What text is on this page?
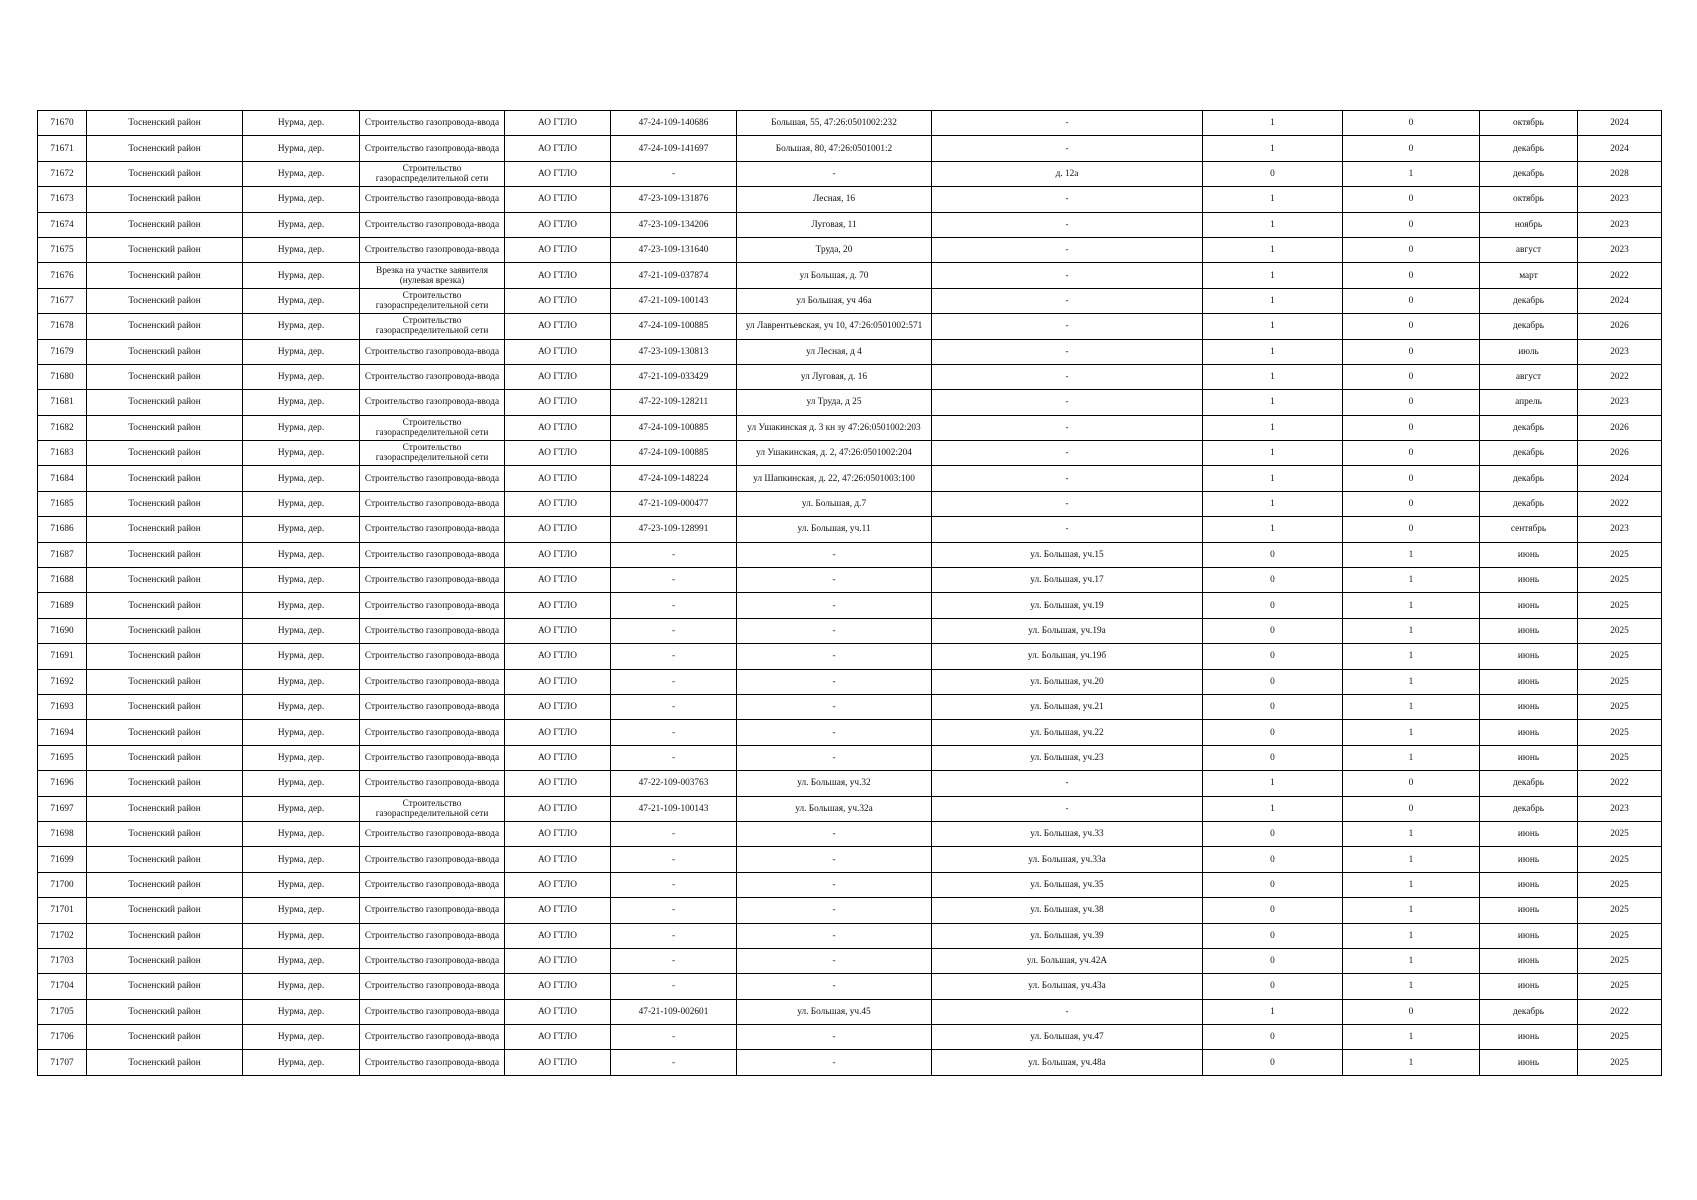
71670	Тосненский район	Нурма, дер.	Строительство газопровода-ввода	АО ГТЛО	47-24-109-140686	Большая, 55, 47:26:0501002:232	-	1	0	октябрь	2024
71671	Тосненский район	Нурма, дер.	Строительство газопровода-ввода	АО ГТЛО	47-24-109-141697	Большая, 80, 47:26:0501001:2	-	1	0	декабрь	2024
71672	Тосненский район	Нурма, дер.	Строительство газораспределительной сети	АО ГТЛО	-	-	д. 12а	0	1	декабрь	2028
71673	Тосненский район	Нурма, дер.	Строительство газопровода-ввода	АО ГТЛО	47-23-109-131876	Лесная, 16	-	1	0	октябрь	2023
71674	Тосненский район	Нурма, дер.	Строительство газопровода-ввода	АО ГТЛО	47-23-109-134206	Луговая, 11	-	1	0	ноябрь	2023
71675	Тосненский район	Нурма, дер.	Строительство газопровода-ввода	АО ГТЛО	47-23-109-131640	Труда, 20	-	1	0	август	2023
71676	Тосненский район	Нурма, дер.	Врезка на участке заявителя (нулевая врезка)	АО ГТЛО	47-21-109-037874	ул Большая, д. 70	-	1	0	март	2022
71677	Тосненский район	Нурма, дер.	Строительство газораспределительной сети	АО ГТЛО	47-21-109-100143	ул Большая, уч 46а	-	1	0	декабрь	2024
71678	Тосненский район	Нурма, дер.	Строительство газораспределительной сети	АО ГТЛО	47-24-109-100885	ул Лаврентьевская, уч 10, 47:26:0501002:571	-	1	0	декабрь	2026
71679	Тосненский район	Нурма, дер.	Строительство газопровода-ввода	АО ГТЛО	47-23-109-130813	ул Лесная, д 4	-	1	0	июль	2023
71680	Тосненский район	Нурма, дер.	Строительство газопровода-ввода	АО ГТЛО	47-21-109-033429	ул Луговая, д. 16	-	1	0	август	2022
71681	Тосненский район	Нурма, дер.	Строительство газопровода-ввода	АО ГТЛО	47-22-109-128211	ул Труда, д 25	-	1	0	апрель	2023
71682	Тосненский район	Нурма, дер.	Строительство газораспределительной сети	АО ГТЛО	47-24-109-100885	ул Ушакинская д. 3 кн зу 47:26:0501002:203	-	1	0	декабрь	2026
71683	Тосненский район	Нурма, дер.	Строительство газораспределительной сети	АО ГТЛО	47-24-109-100885	ул Ушакинская, д. 2, 47:26:0501002:204	-	1	0	декабрь	2026
71684	Тосненский район	Нурма, дер.	Строительство газопровода-ввода	АО ГТЛО	47-24-109-148224	ул Шапкинская, д. 22, 47:26:0501003:100	-	1	0	декабрь	2024
71685	Тосненский район	Нурма, дер.	Строительство газопровода-ввода	АО ГТЛО	47-21-109-000477	ул. Большая, д.7	-	1	0	декабрь	2022
71686	Тосненский район	Нурма, дер.	Строительство газопровода-ввода	АО ГТЛО	47-23-109-128991	ул. Большая, уч.11	-	1	0	сентябрь	2023
71687	Тосненский район	Нурма, дер.	Строительство газопровода-ввода	АО ГТЛО	-	-	ул. Большая, уч.15	0	1	июнь	2025
71688	Тосненский район	Нурма, дер.	Строительство газопровода-ввода	АО ГТЛО	-	-	ул. Большая, уч.17	0	1	июнь	2025
71689	Тосненский район	Нурма, дер.	Строительство газопровода-ввода	АО ГТЛО	-	-	ул. Большая, уч.19	0	1	июнь	2025
71690	Тосненский район	Нурма, дер.	Строительство газопровода-ввода	АО ГТЛО	-	-	ул. Большая, уч.19а	0	1	июнь	2025
71691	Тосненский район	Нурма, дер.	Строительство газопровода-ввода	АО ГТЛО	-	-	ул. Большая, уч.19б	0	1	июнь	2025
71692	Тосненский район	Нурма, дер.	Строительство газопровода-ввода	АО ГТЛО	-	-	ул. Большая, уч.20	0	1	июнь	2025
71693	Тосненский район	Нурма, дер.	Строительство газопровода-ввода	АО ГТЛО	-	-	ул. Большая, уч.21	0	1	июнь	2025
71694	Тосненский район	Нурма, дер.	Строительство газопровода-ввода	АО ГТЛО	-	-	ул. Большая, уч.22	0	1	июнь	2025
71695	Тосненский район	Нурма, дер.	Строительство газопровода-ввода	АО ГТЛО	-	-	ул. Большая, уч.23	0	1	июнь	2025
71696	Тосненский район	Нурма, дер.	Строительство газопровода-ввода	АО ГТЛО	47-22-109-003763	ул. Большая, уч.32	-	1	0	декабрь	2022
71697	Тосненский район	Нурма, дер.	Строительство газораспределительной сети	АО ГТЛО	47-21-109-100143	ул. Большая, уч.32а	-	1	0	декабрь	2023
71698	Тосненский район	Нурма, дер.	Строительство газопровода-ввода	АО ГТЛО	-	-	ул. Большая, уч.33	0	1	июнь	2025
71699	Тосненский район	Нурма, дер.	Строительство газопровода-ввода	АО ГТЛО	-	-	ул. Большая, уч.33а	0	1	июнь	2025
71700	Тосненский район	Нурма, дер.	Строительство газопровода-ввода	АО ГТЛО	-	-	ул. Большая, уч.35	0	1	июнь	2025
71701	Тосненский район	Нурма, дер.	Строительство газопровода-ввода	АО ГТЛО	-	-	ул. Большая, уч.38	0	1	июнь	2025
71702	Тосненский район	Нурма, дер.	Строительство газопровода-ввода	АО ГТЛО	-	-	ул. Большая, уч.39	0	1	июнь	2025
71703	Тосненский район	Нурма, дер.	Строительство газопровода-ввода	АО ГТЛО	-	-	ул. Большая, уч.42А	0	1	июнь	2025
71704	Тосненский район	Нурма, дер.	Строительство газопровода-ввода	АО ГТЛО	-	-	ул. Большая, уч.43а	0	1	июнь	2025
71705	Тосненский район	Нурма, дер.	Строительство газопровода-ввода	АО ГТЛО	47-21-109-002601	ул. Большая, уч.45	-	1	0	декабрь	2022
71706	Тосненский район	Нурма, дер.	Строительство газопровода-ввода	АО ГТЛО	-	-	ул. Большая, уч.47	0	1	июнь	2025
71707	Тосненский район	Нурма, дер.	Строительство газопровода-ввода	АО ГТЛО	-	-	ул. Большая, уч.48а	0	1	июнь	2025
